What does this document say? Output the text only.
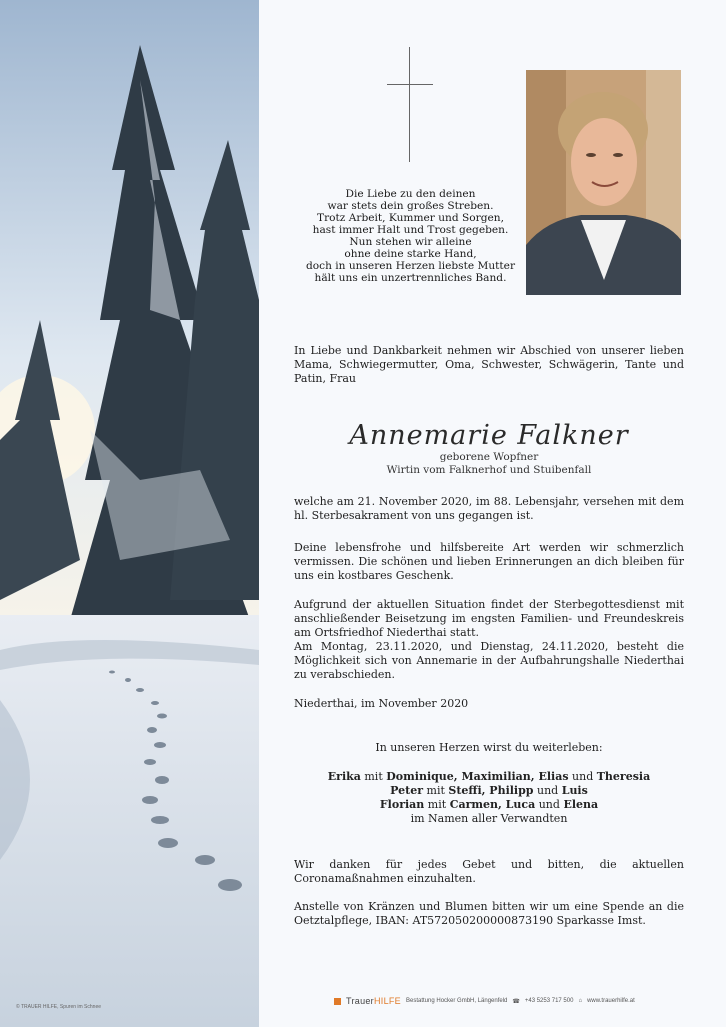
© TRAUER HILFE, Spuren im Schnee
Die Liebe zu den deinen
war stets dein großes Streben.
Trotz Arbeit, Kummer und Sorgen,
hast immer Halt und Trost gegeben.
Nun stehen wir alleine
ohne deine starke Hand,
doch in unseren Herzen liebste Mutter
hält uns ein unzertrennliches Band.
In Liebe und Dankbarkeit nehmen wir Abschied von unserer lieben Mama, Schwiegermutter, Oma, Schwester, Schwägerin, Tante und Patin, Frau
Annemarie Falkner
geborene Wopfner
Wirtin vom Falknerhof und Stuibenfall
welche am 21. November 2020, im 88. Lebensjahr, versehen mit dem hl. Sterbesakrament von uns gegangen ist.
Deine lebensfrohe und hilfsbereite Art werden wir schmerzlich vermissen. Die schönen und lieben Erinnerungen an dich bleiben für uns ein kostbares Geschenk.
Aufgrund der aktuellen Situation findet der Sterbegottesdienst mit anschließender Beisetzung im engsten Familien- und Freundeskreis am Ortsfriedhof Niederthai statt.
Am Montag, 23.11.2020, und Dienstag, 24.11.2020, besteht die Möglichkeit sich von Annemarie in der Aufbahrungshalle Niederthai zu verabschieden.
Niederthai, im November 2020
In unseren Herzen wirst du weiterleben:
Erika mit Dominique, Maximilian, Elias und Theresia
Peter mit Steffi, Philipp und Luis
Florian mit Carmen, Luca und Elena
im Namen aller Verwandten
Wir danken für jedes Gebet und bitten, die aktuellen Coronamaßnahmen einzuhalten.
Anstelle von Kränzen und Blumen bitten wir um eine Spende an die Oetztalpflege, IBAN: AT572050200000873190 Sparkasse Imst.
TrauerHILFE Bestattung Hocker GmbH, Längenfeld ☎ +43 5253 717 500 ⌂ www.trauerhilfe.at
